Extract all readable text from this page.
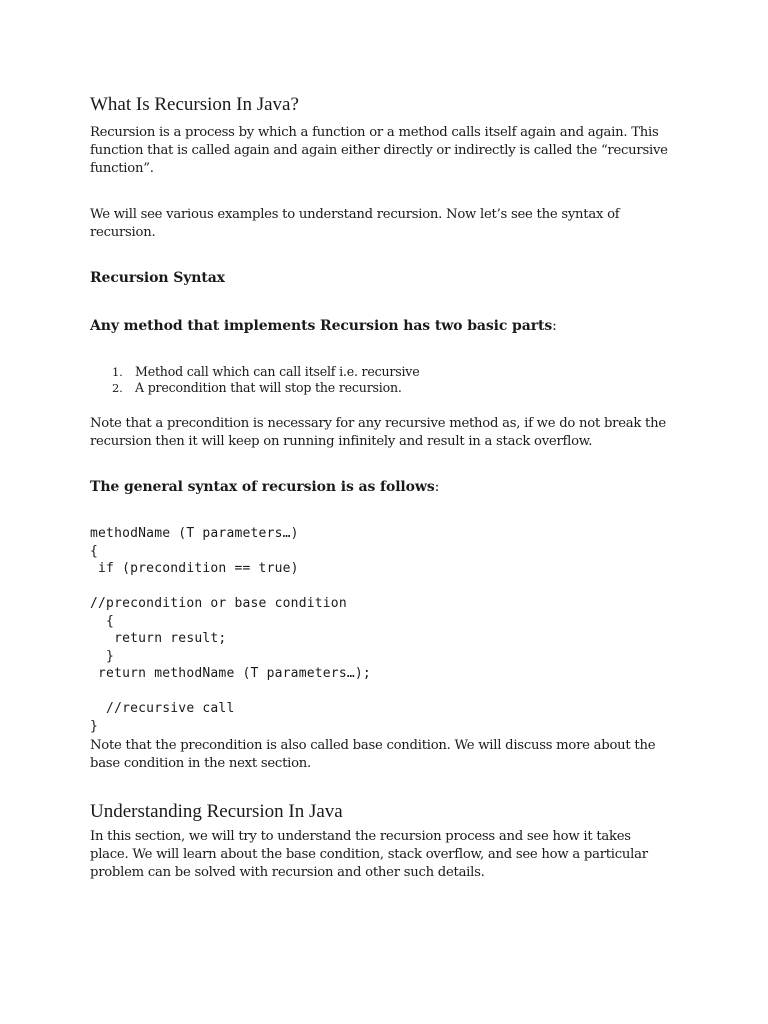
What Is Recursion In Java?

Recursion is a process by which a function or a method calls itself again and again. This
function that is called again and again either directly or indirectly is called the “recursive
function”.

We will see various examples to understand recursion. Now let’s see the syntax of
recursion.

Recursion Syntax
Any method that implements Recursion has two basic parts:
1. Method call which can call itself i.e. recursive
2. A precondition that will stop the recursion.

Note that a precondition is necessary for any recursive method as, if we do not break the
recursion then it will keep on running infinitely and result in a stack overflow.

The general syntax of recursion is as follows:
methodName (T parameters…)
{
if (precondition == true)

//precondition or base condition
{
return result;
}
return methodName (T parameters…);

//recursive call
}

Note that the precondition is also called base condition. We will discuss more about the
base condition in the next section.

Understanding Recursion In Java

In this section, we will try to understand the recursion process and see how it takes
place. We will learn about the base condition, stack overflow, and see how a particular
problem can be solved with recursion and other such details.
